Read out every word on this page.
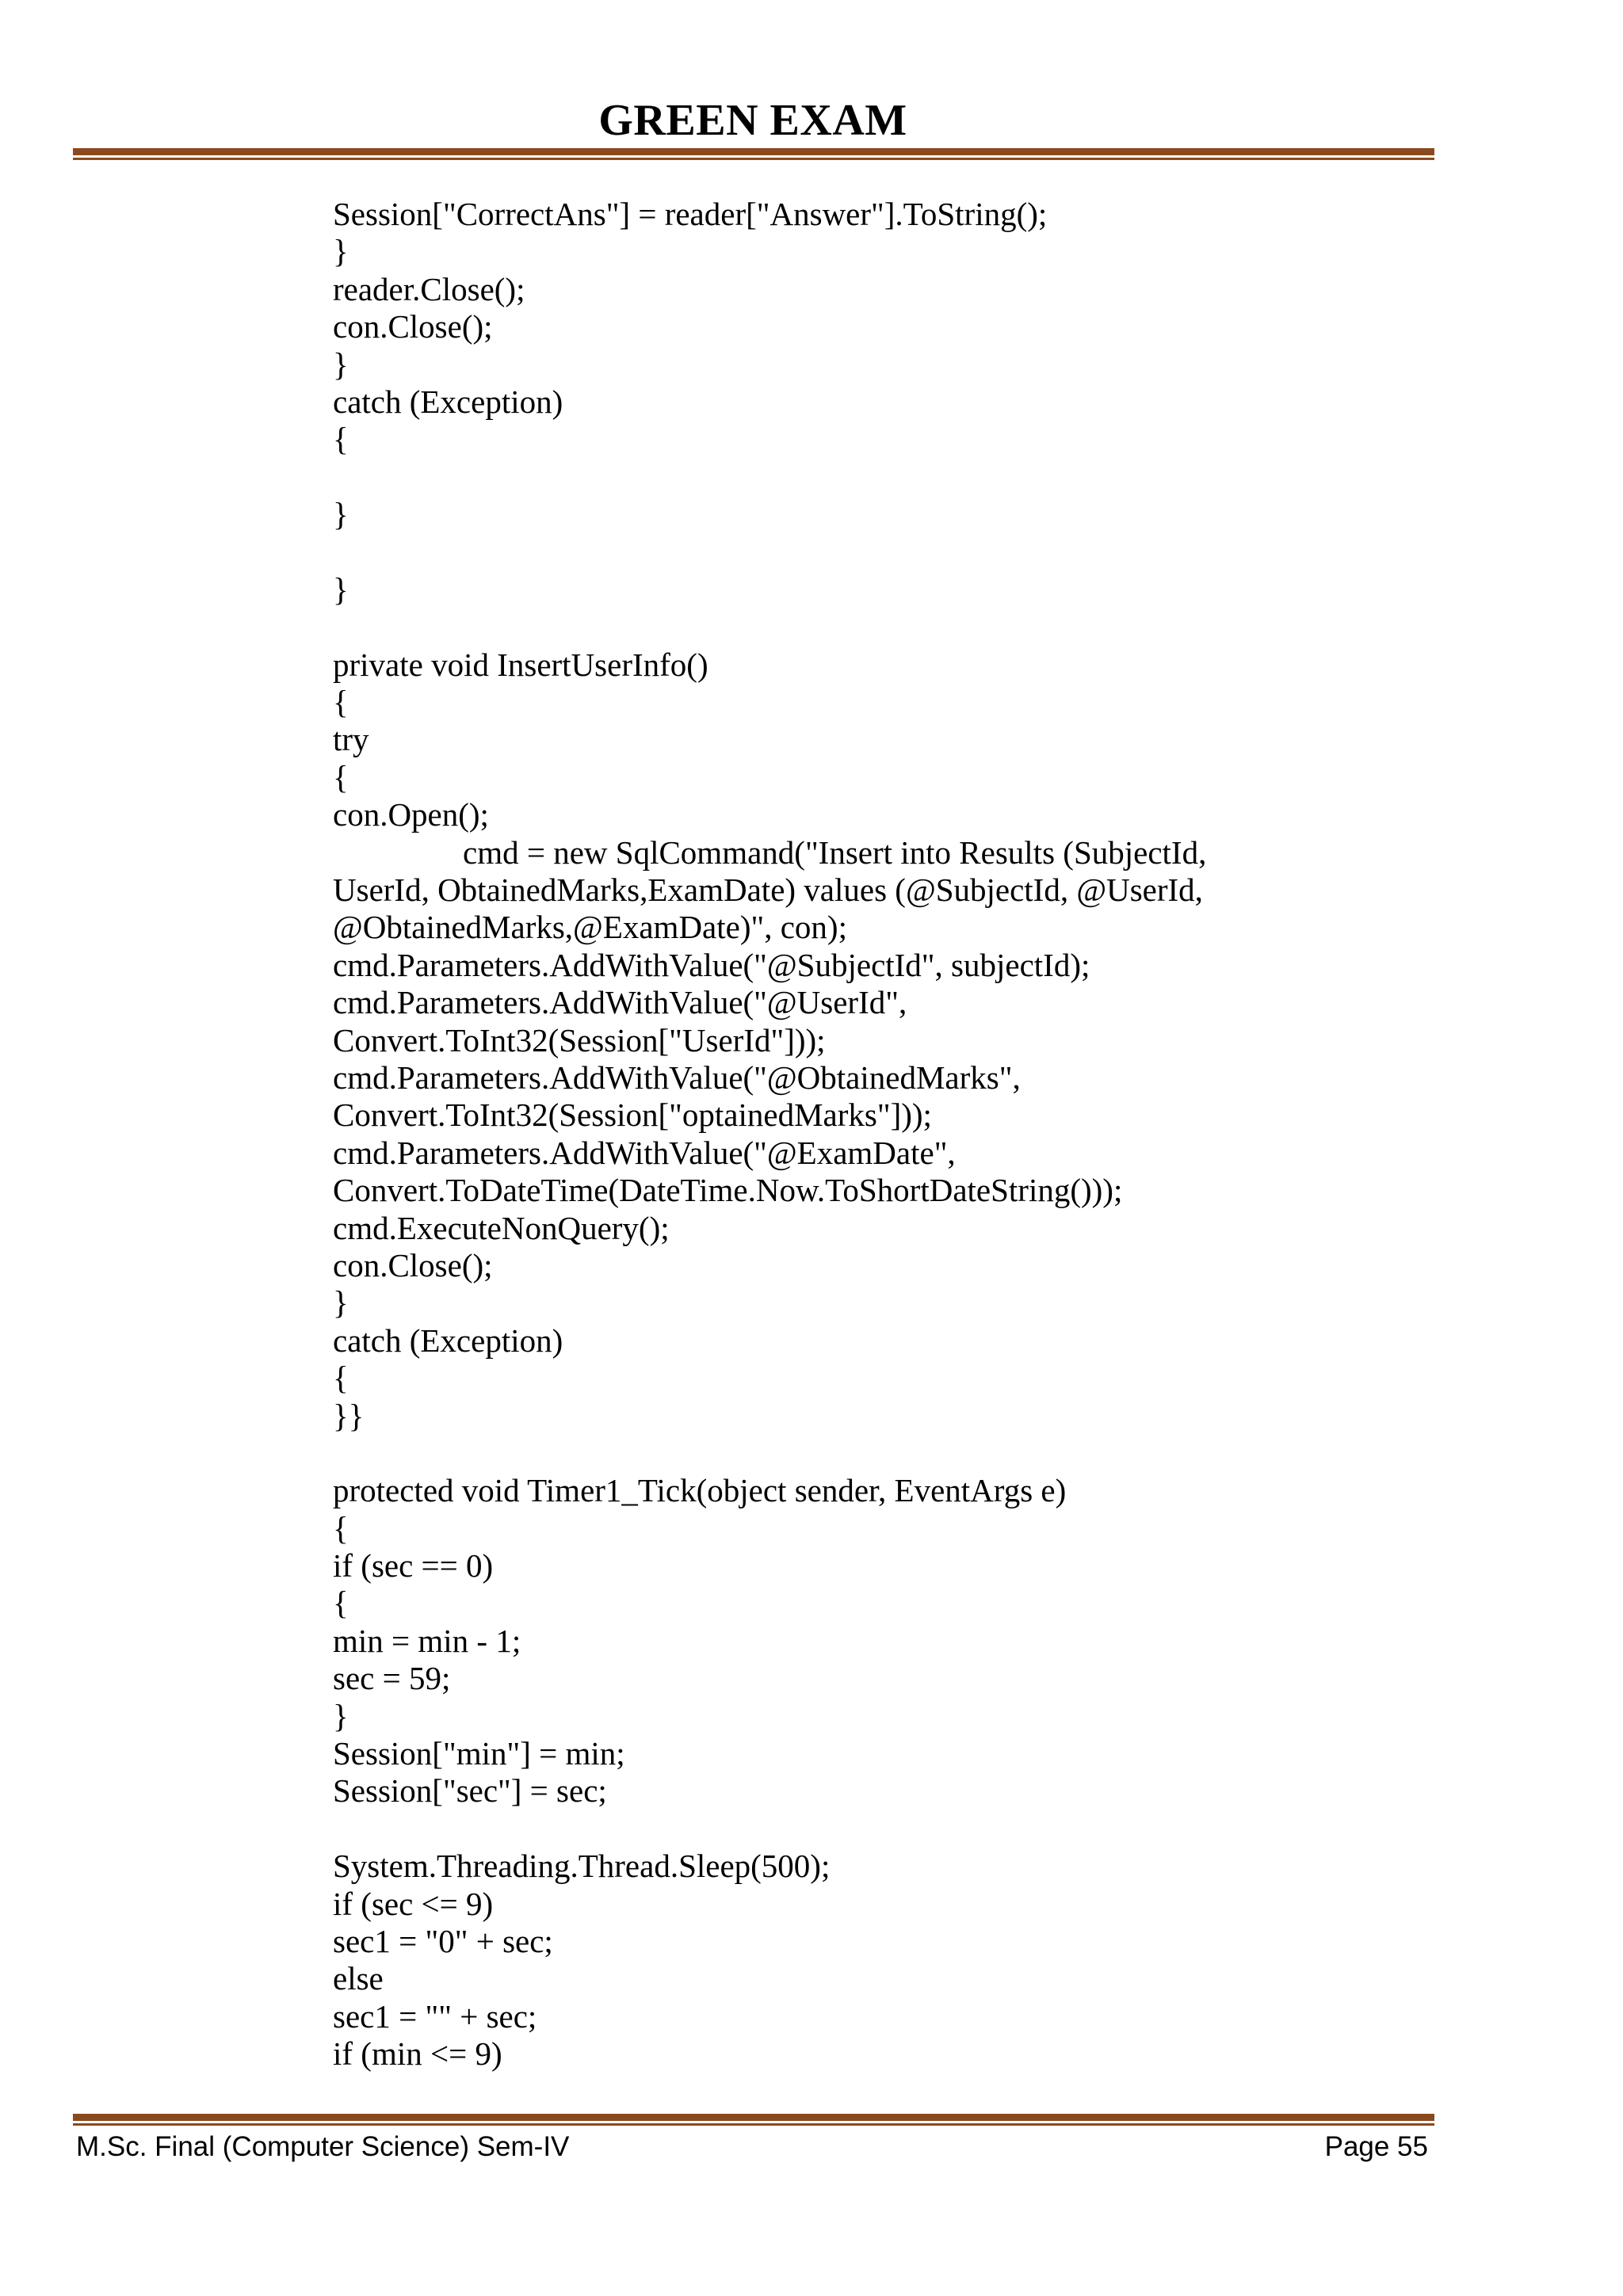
GREEN EXAM
Session["CorrectAns"] = reader["Answer"].ToString();
}
reader.Close();
con.Close();
}
catch (Exception)
{
}
}
private void InsertUserInfo()
{
try
{
con.Open();
cmd = new SqlCommand("Insert into Results (SubjectId,
UserId, ObtainedMarks,ExamDate) values (@SubjectId, @UserId,
@ObtainedMarks,@ExamDate)", con);
cmd.Parameters.AddWithValue("@SubjectId", subjectId);
cmd.Parameters.AddWithValue("@UserId",
Convert.ToInt32(Session["UserId"]));
cmd.Parameters.AddWithValue("@ObtainedMarks",
Convert.ToInt32(Session["optainedMarks"]));
cmd.Parameters.AddWithValue("@ExamDate",
Convert.ToDateTime(DateTime.Now.ToShortDateString()));
cmd.ExecuteNonQuery();
con.Close();
}
catch (Exception)
{
}}
protected void Timer1_Tick(object sender, EventArgs e)
{
if (sec == 0)
{
min = min - 1;
sec = 59;
}
Session["min"] = min;
Session["sec"] = sec;
System.Threading.Thread.Sleep(500);
if (sec <= 9)
sec1 = "0" + sec;
else
sec1 = "" + sec;
if (min <= 9)
M.Sc. Final (Computer Science) Sem-IV	Page 55
